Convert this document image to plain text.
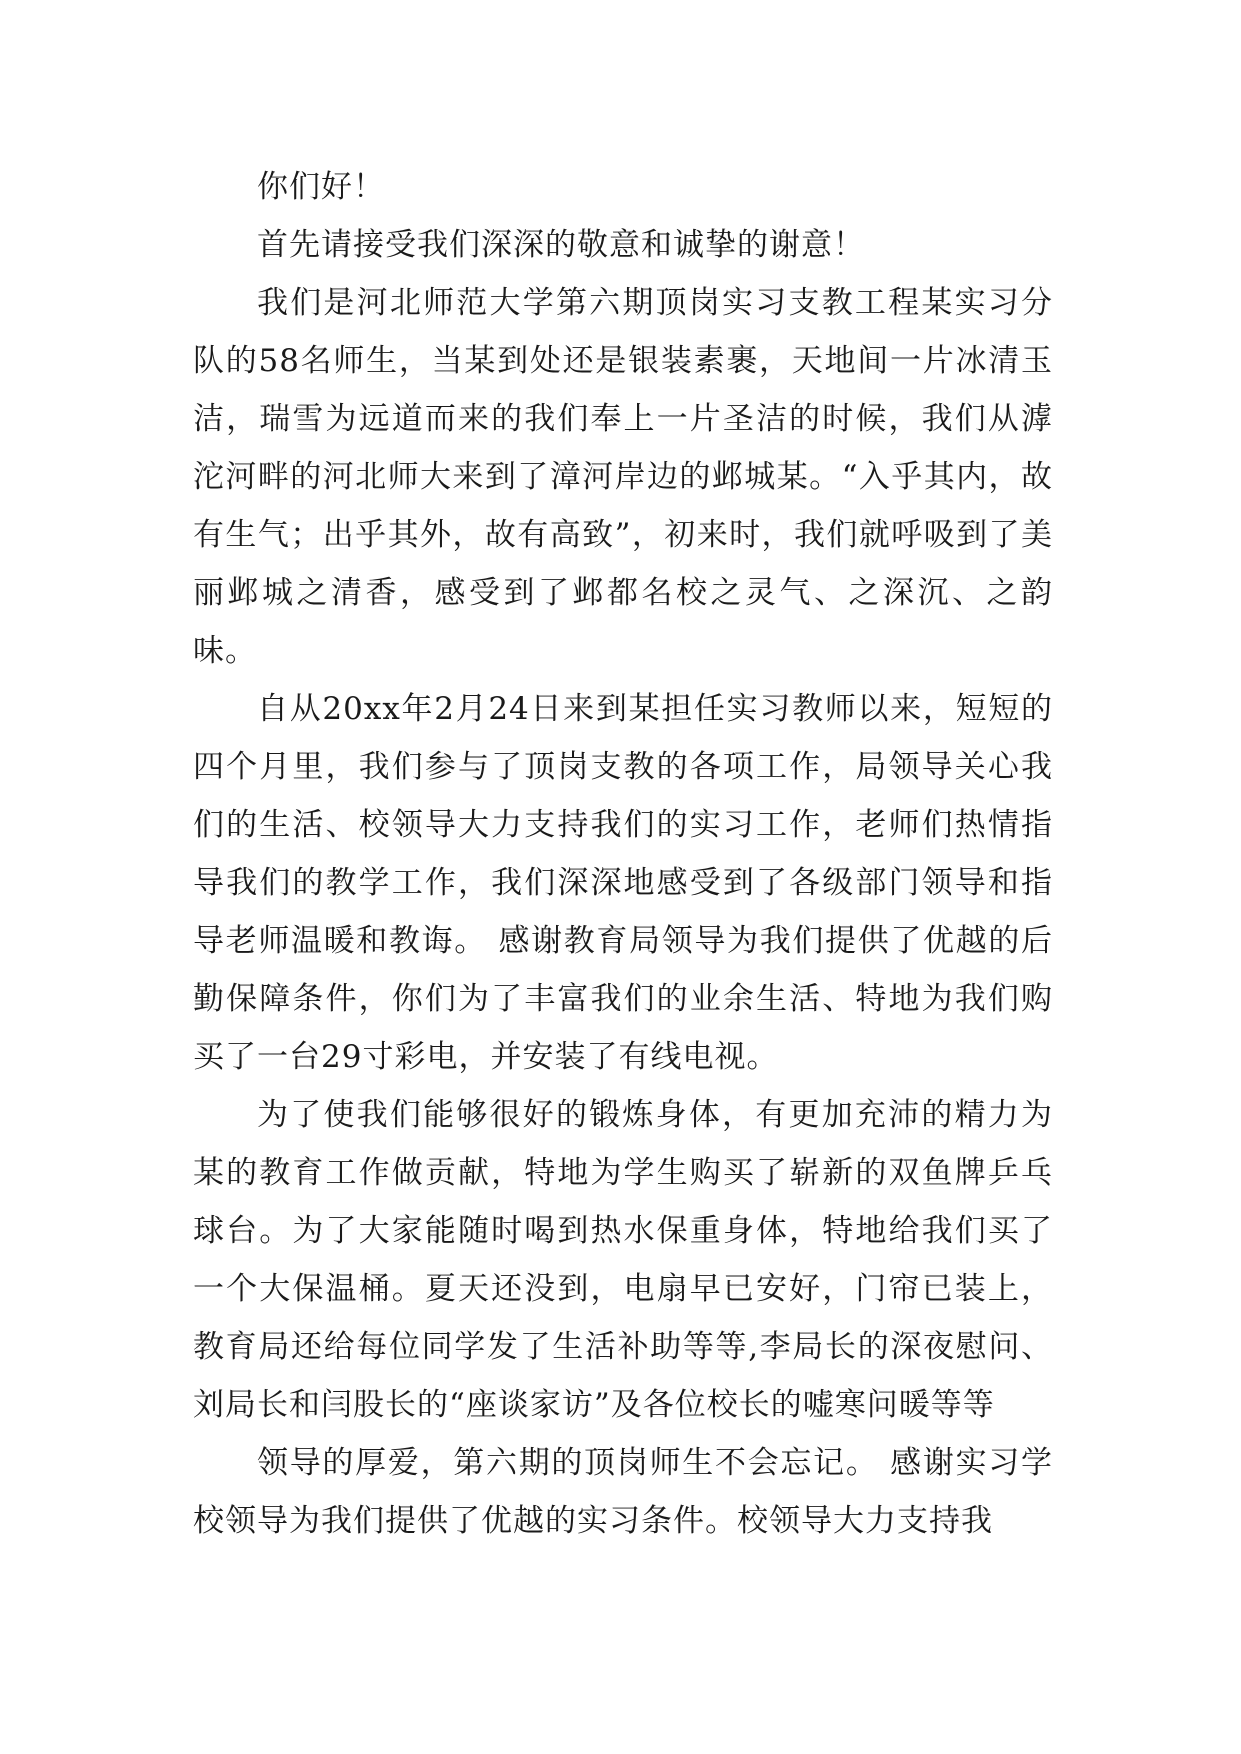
你们好！

首先请接受我们深深的敬意和诚挚的谢意！

我们是河北师范大学第六期顶岗实习支教工程某实习分队的58名师生，当某到处还是银装素裹，天地间一片冰清玉洁，瑞雪为远道而来的我们奉上一片圣洁的时候，我们从滹沱河畔的河北师大来到了漳河岸边的邺城某。“入乎其内，故有生气；出乎其外，故有高致”，初来时，我们就呼吸到了美丽邺城之清香，感受到了邺都名校之灵气、之深沉、之韵味。

自从20xx年2月24日来到某担任实习教师以来，短短的四个月里，我们参与了顶岗支教的各项工作，局领导关心我们的生活、校领导大力支持我们的实习工作，老师们热情指导我们的教学工作，我们深深地感受到了各级部门领导和指导老师温暖和教诲。 感谢教育局领导为我们提供了优越的后勤保障条件，你们为了丰富我们的业余生活、特地为我们购买了一台29寸彩电，并安装了有线电视。

为了使我们能够很好的锻炼身体，有更加充沛的精力为某的教育工作做贡献，特地为学生购买了崭新的双鱼牌乒乓球台。为了大家能随时喝到热水保重身体，特地给我们买了一个大保温桶。夏天还没到，电扇早已安好，门帘已装上，教育局还给每位同学发了生活补助等等,李局长的深夜慰问、刘局长和闫股长的“座谈家访”及各位校长的嘘寒问暖等等

领导的厚爱，第六期的顶岗师生不会忘记。 感谢实习学校领导为我们提供了优越的实习条件。校领导大力支持我
